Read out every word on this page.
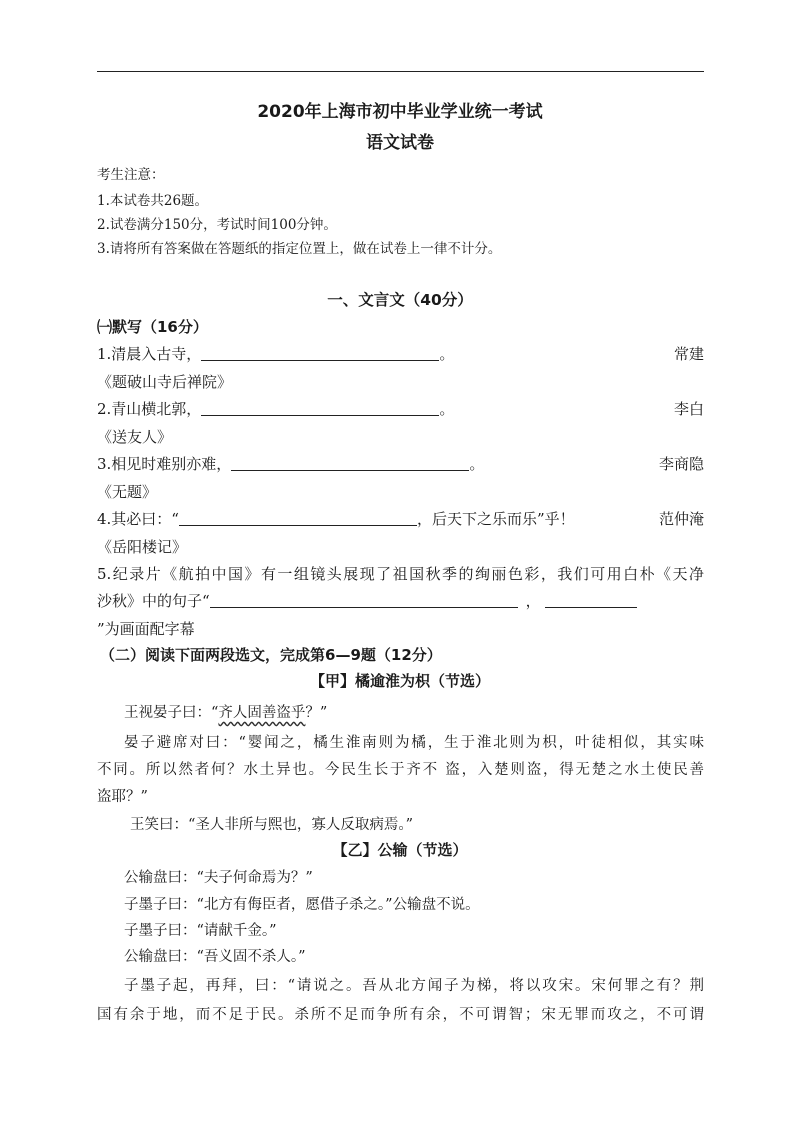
2020年上海市初中毕业学业统一考试
语文试卷
考生注意：
1.本试卷共26题。
2.试卷满分150分，考试时间100分钟。
3.请将所有答案做在答题纸的指定位置上，做在试卷上一律不计分。
一、文言文（40分）
㈠默写（16分）
1.清晨入古寺，	。	常建
《题破山寺后禅院》
2.青山横北郭，	。	李白
《送友人》
3.相见时难别亦难，	。	李商隐
《无题》
4.其必曰：“	，后天下之乐而乐”乎！	范仲淹
《岳阳楼记》
5.纪录片《航拍中国》有一组镜头展现了祖国秋季的绚丽色彩，我们可用白朴《天净
沙秋》中的句子“	，
”为画面配字幕
（二）阅读下面两段选文，完成第6—9题（12分）
【甲】橘逾淮为枳（节选）
王视晏子曰：“齐人固善盗乎？”
晏子避席对曰：“婴闻之，橘生淮南则为橘，生于淮北则为枳，叶徒相似，其实味
不同。所以然者何？水土异也。今民生长于齐不 盗，入楚则盗，得无楚之水土使民善
盗耶？”
王笑曰：“圣人非所与熙也，寡人反取病焉。”
【乙】公输（节选）
公输盘曰：“夫子何命焉为？”
子墨子曰：“北方有侮臣者，愿借子杀之。”公输盘不说。
子墨子曰：“请献千金。”
公输盘曰：“吾义固不杀人。”
子墨子起，再拜，曰：“请说之。吾从北方闻子为梯，将以攻宋。宋何罪之有？荆
国有余于地，而不足于民。杀所不足而争所有余，不可谓智；宋无罪而攻之，不可谓
